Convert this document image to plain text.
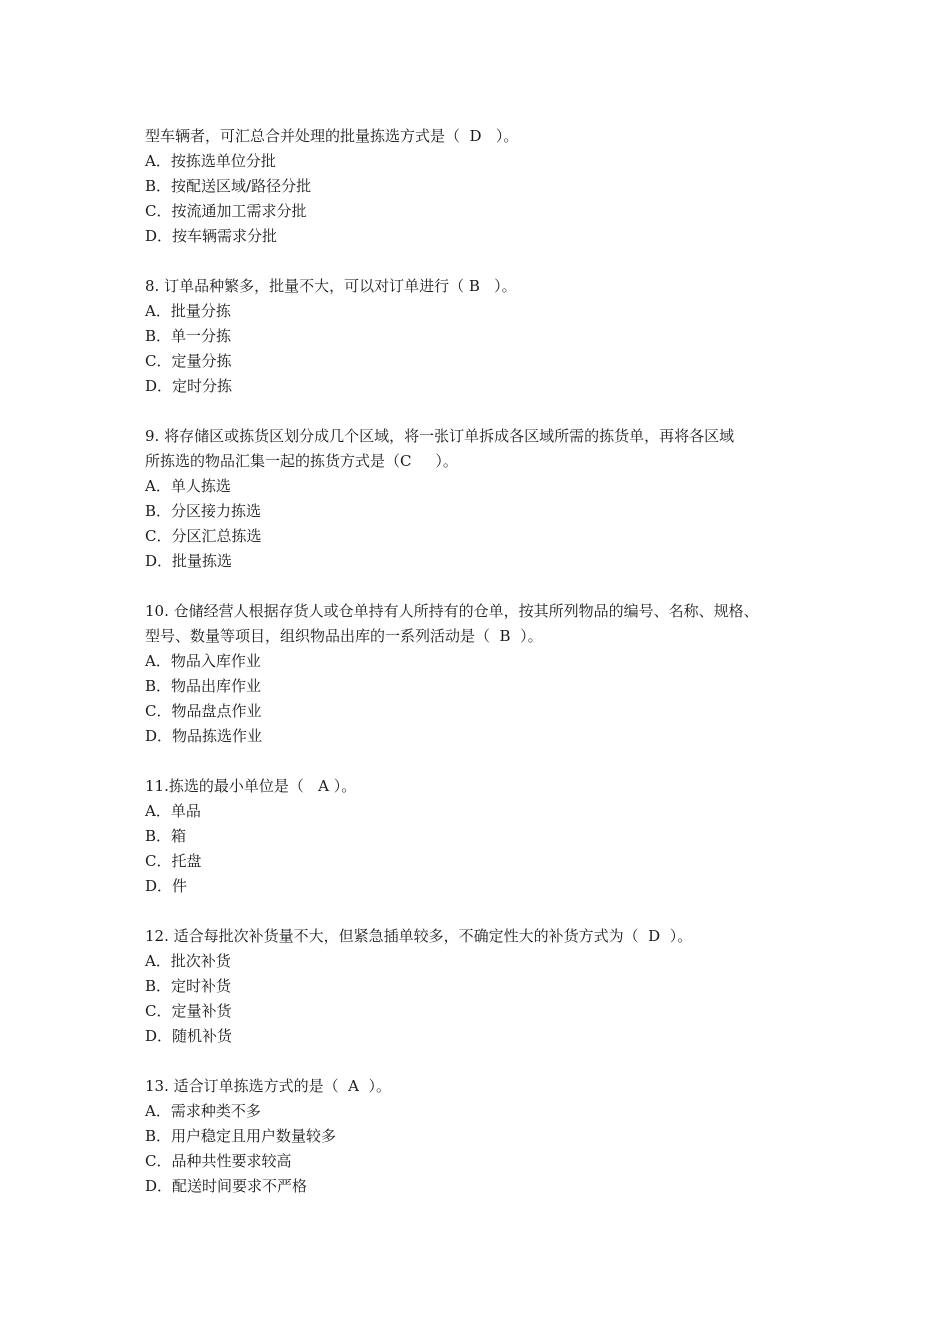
型车辆者，可汇总合并处理的批量拣选方式是（  D   ）。
A．按拣选单位分批
B．按配送区域/路径分批
C．按流通加工需求分批
D．按车辆需求分批
8. 订单品种繁多，批量不大，可以对订单进行（ B   ）。
A．批量分拣
B．单一分拣
C．定量分拣
D．定时分拣
9. 将存储区或拣货区划分成几个区域，将一张订单拆成各区域所需的拣货单，再将各区域
所拣选的物品汇集一起的拣货方式是（C     ）。
A．单人拣选
B．分区接力拣选
C．分区汇总拣选
D．批量拣选
10. 仓储经营人根据存货人或仓单持有人所持有的仓单，按其所列物品的编号、名称、规格、
型号、数量等项目，组织物品出库的一系列活动是（  B  ）。
A．物品入库作业
B．物品出库作业
C．物品盘点作业
D．物品拣选作业
11.拣选的最小单位是（   A ）。
A．单品
B．箱
C．托盘
D．件
12. 适合每批次补货量不大，但紧急插单较多，不确定性大的补货方式为（  D  ）。
A．批次补货
B．定时补货
C．定量补货
D．随机补货
13. 适合订单拣选方式的是（  A  ）。
A．需求种类不多
B．用户稳定且用户数量较多
C．品种共性要求较高
D．配送时间要求不严格
